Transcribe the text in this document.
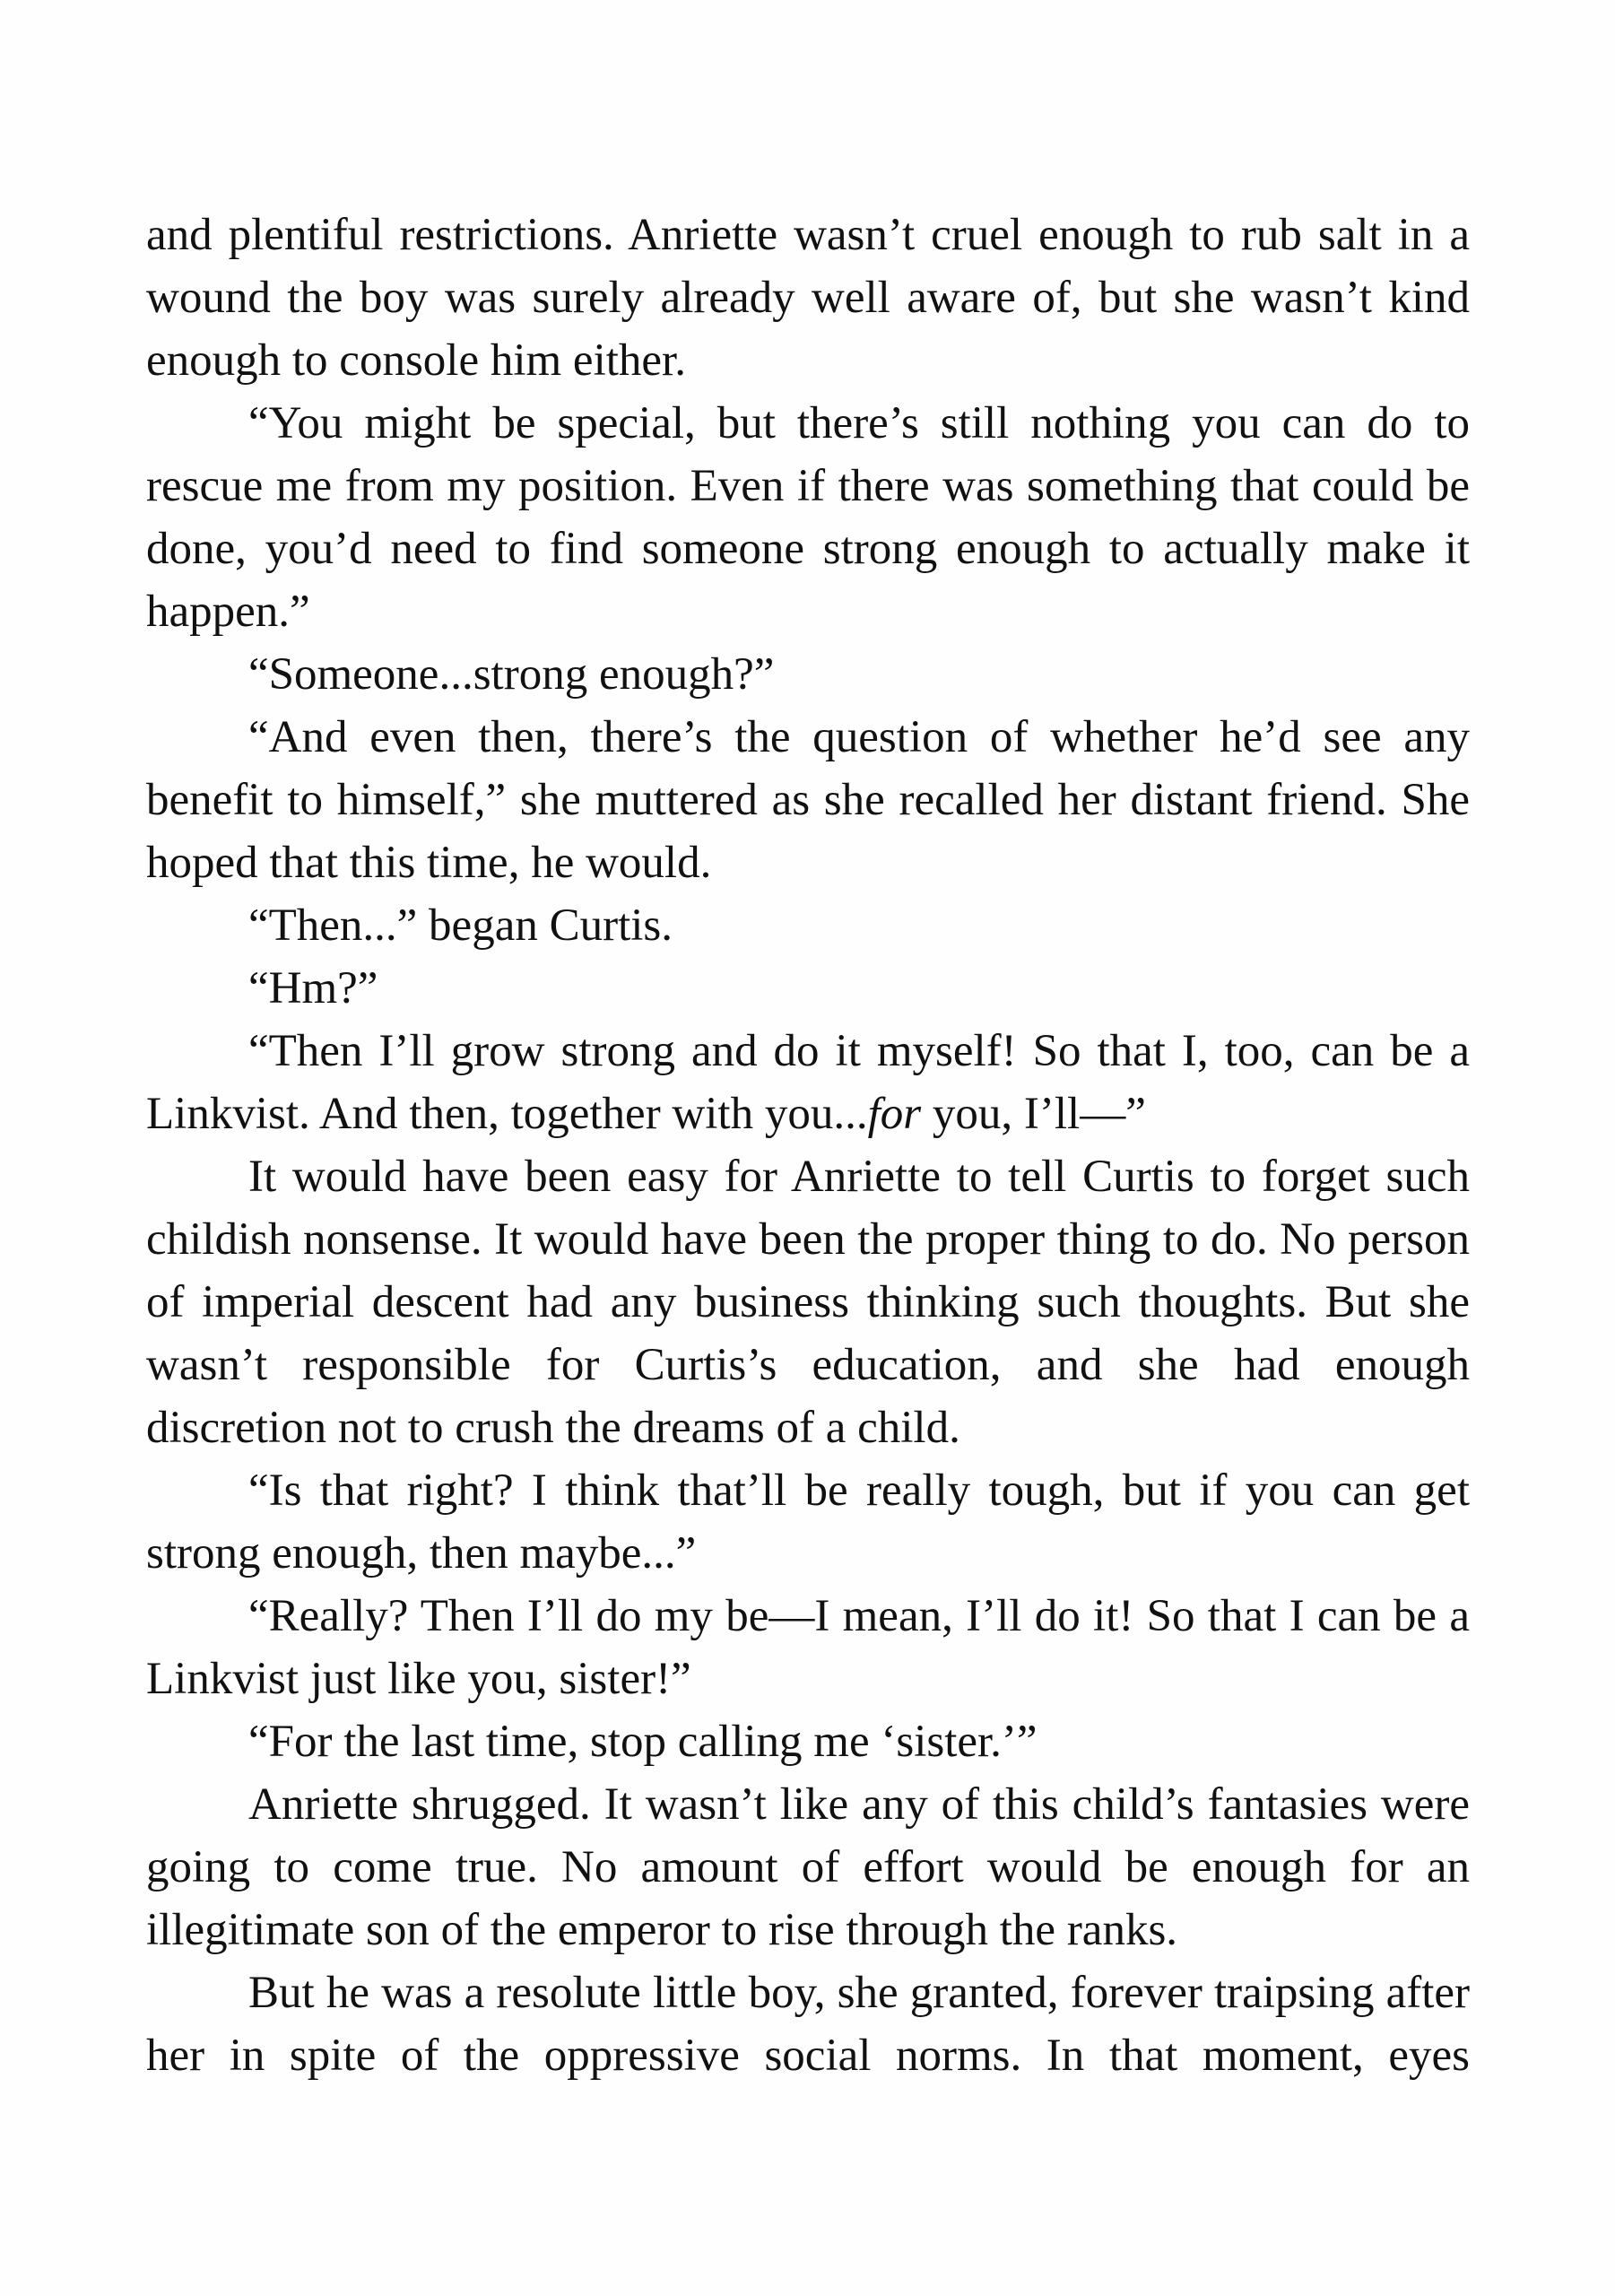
and plentiful restrictions. Anriette wasn’t cruel enough to rub salt in a wound the boy was surely already well aware of, but she wasn’t kind enough to console him either.

“You might be special, but there’s still nothing you can do to rescue me from my position. Even if there was something that could be done, you’d need to find someone strong enough to actually make it happen.”

“Someone...strong enough?”

“And even then, there’s the question of whether he’d see any benefit to himself,” she muttered as she recalled her distant friend. She hoped that this time, he would.

“Then...” began Curtis.

“Hm?”

“Then I’ll grow strong and do it myself! So that I, too, can be a Linkvist. And then, together with you...for you, I’ll—”

It would have been easy for Anriette to tell Curtis to forget such childish nonsense. It would have been the proper thing to do. No person of imperial descent had any business thinking such thoughts. But she wasn’t responsible for Curtis’s education, and she had enough discretion not to crush the dreams of a child.

“Is that right? I think that’ll be really tough, but if you can get strong enough, then maybe...”

“Really? Then I’ll do my be—I mean, I’ll do it! So that I can be a Linkvist just like you, sister!”

“For the last time, stop calling me ‘sister.’”

Anriette shrugged. It wasn’t like any of this child’s fantasies were going to come true. No amount of effort would be enough for an illegitimate son of the emperor to rise through the ranks.

But he was a resolute little boy, she granted, forever traipsing after her in spite of the oppressive social norms. In that moment, eyes
